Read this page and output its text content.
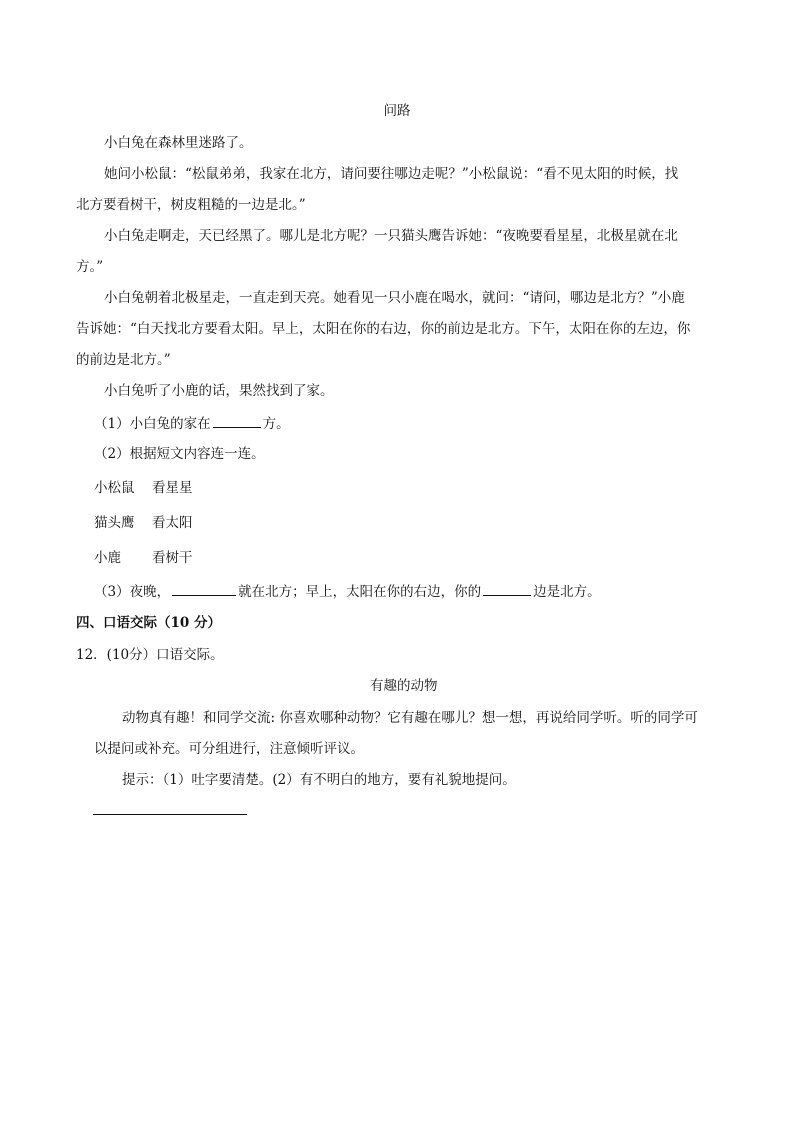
问路
小白兔在森林里迷路了。
她问小松鼠：“松鼠弟弟，我家在北方，请问要往哪边走呢？”小松鼠说：“看不见太阳的时候，找
北方要看树干，树皮粗糙的一边是北。”
小白兔走啊走，天已经黑了。哪儿是北方呢？一只猫头鹰告诉她：“夜晚要看星星，北极星就在北
方。”
小白兔朝着北极星走，一直走到天亮。她看见一只小鹿在喝水，就问：“请问，哪边是北方？”小鹿
告诉她：“白天找北方要看太阳。早上，太阳在你的右边，你的前边是北方。下午，太阳在你的左边，你
的前边是北方。”
小白兔听了小鹿的话，果然找到了家。
（1）小白兔的家在	方。
（2）根据短文内容连一连。
小松鼠 看星星
猫头鹰 看太阳
小鹿 看树干
（3）夜晚，	就在北方；早上，太阳在你的右边，你的	边是北方。
四、口语交际（10 分）
12．(10分）口语交际。
有趣的动物
动物真有趣！和同学交流: 你喜欢哪种动物？它有趣在哪儿？想一想，再说给同学听。听的同学可
以提问或补充。可分组进行，注意倾听评议。
提示：（1）吐字要清楚。(2）有不明白的地方，要有礼貌地提问。
